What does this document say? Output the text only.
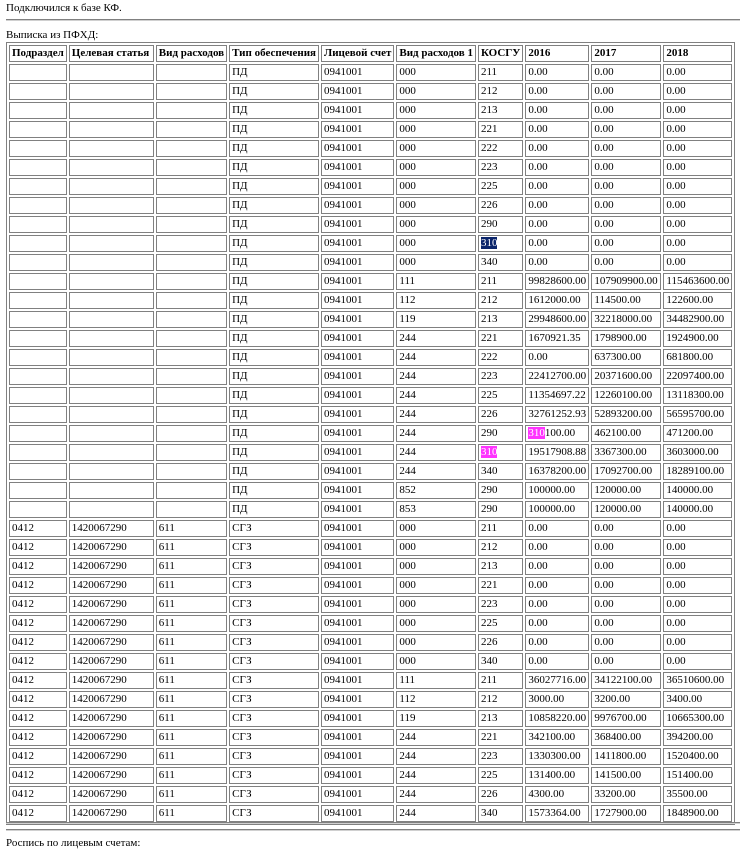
Подключился к базе КФ.
Выписка из ПФХД:
Подраздел	Целевая статья	Вид расходов	Тип обеспечения	Лицевой счет	Вид расходов 1	КОСГУ	2016	2017	2018
			ПД	0941001	000	211	0.00	0.00	0.00
			ПД	0941001	000	212	0.00	0.00	0.00
			ПД	0941001	000	213	0.00	0.00	0.00
			ПД	0941001	000	221	0.00	0.00	0.00
			ПД	0941001	000	222	0.00	0.00	0.00
			ПД	0941001	000	223	0.00	0.00	0.00
			ПД	0941001	000	225	0.00	0.00	0.00
			ПД	0941001	000	226	0.00	0.00	0.00
			ПД	0941001	000	290	0.00	0.00	0.00
			ПД	0941001	000	310	0.00	0.00	0.00
			ПД	0941001	000	340	0.00	0.00	0.00
			ПД	0941001	111	211	99828600.00	107909900.00	115463600.00
			ПД	0941001	112	212	1612000.00	114500.00	122600.00
			ПД	0941001	119	213	29948600.00	32218000.00	34482900.00
			ПД	0941001	244	221	1670921.35	1798900.00	1924900.00
			ПД	0941001	244	222	0.00	637300.00	681800.00
			ПД	0941001	244	223	22412700.00	20371600.00	22097400.00
			ПД	0941001	244	225	11354697.22	12260100.00	13118300.00
			ПД	0941001	244	226	32761252.93	52893200.00	56595700.00
			ПД	0941001	244	290	310100.00	462100.00	471200.00
			ПД	0941001	244	310	19517908.88	3367300.00	3603000.00
			ПД	0941001	244	340	16378200.00	17092700.00	18289100.00
			ПД	0941001	852	290	100000.00	120000.00	140000.00
			ПД	0941001	853	290	100000.00	120000.00	140000.00
0412	1420067290	611	СГЗ	0941001	000	211	0.00	0.00	0.00
0412	1420067290	611	СГЗ	0941001	000	212	0.00	0.00	0.00
0412	1420067290	611	СГЗ	0941001	000	213	0.00	0.00	0.00
0412	1420067290	611	СГЗ	0941001	000	221	0.00	0.00	0.00
0412	1420067290	611	СГЗ	0941001	000	223	0.00	0.00	0.00
0412	1420067290	611	СГЗ	0941001	000	225	0.00	0.00	0.00
0412	1420067290	611	СГЗ	0941001	000	226	0.00	0.00	0.00
0412	1420067290	611	СГЗ	0941001	000	340	0.00	0.00	0.00
0412	1420067290	611	СГЗ	0941001	111	211	36027716.00	34122100.00	36510600.00
0412	1420067290	611	СГЗ	0941001	112	212	3000.00	3200.00	3400.00
0412	1420067290	611	СГЗ	0941001	119	213	10858220.00	9976700.00	10665300.00
0412	1420067290	611	СГЗ	0941001	244	221	342100.00	368400.00	394200.00
0412	1420067290	611	СГЗ	0941001	244	223	1330300.00	1411800.00	1520400.00
0412	1420067290	611	СГЗ	0941001	244	225	131400.00	141500.00	151400.00
0412	1420067290	611	СГЗ	0941001	244	226	4300.00	33200.00	35500.00
0412	1420067290	611	СГЗ	0941001	244	340	1573364.00	1727900.00	1848900.00
Роспись по лицевым счетам:
